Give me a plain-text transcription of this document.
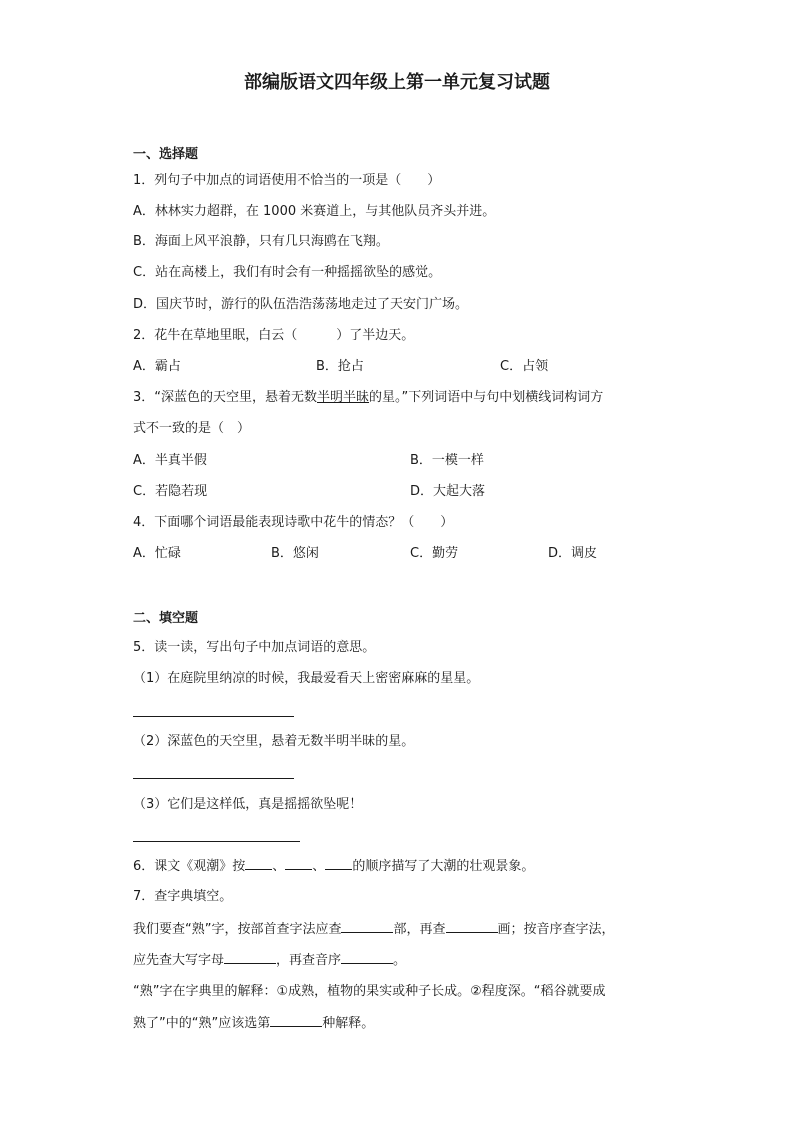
部编版语文四年级上第一单元复习试题
一、选择题
1．列句子中加点的词语使用不恰当的一项是（　　）
A．林林实力超群，在 1000 米赛道上，与其他队员齐头并进。
B．海面上风平浪静，只有几只海鸥在飞翔。
C．站在高楼上，我们有时会有一种摇摇欲坠的感觉。
D．国庆节时，游行的队伍浩浩荡荡地走过了天安门广场。
2．花牛在草地里眠，白云（　　　）了半边天。
A．霸占	B．抢占	C．占领
3．“深蓝色的天空里，悬着无数半明半昧的星。”下列词语中与句中划横线词构词方
式不一致的是（　）
A．半真半假	B．一模一样
C．若隐若现	D．大起大落
4．下面哪个词语最能表现诗歌中花牛的情态？（　　）
A．忙碌	B．悠闲	C．勤劳	D．调皮
二、填空题
5．读一读，写出句子中加点词语的意思。
（1）在庭院里纳凉的时候，我最爱看天上密密麻麻的星星。
（2）深蓝色的天空里，悬着无数半明半昧的星。
（3）它们是这样低，真是摇摇欲坠呢！
6．课文《观潮》按 、 、 的顺序描写了大潮的壮观景象。
7．查字典填空。
我们要查“熟”字，按部首查字法应查	部，再查	画；按音序查字法，
应先查大写字母	，再查音序	。
“熟”字在字典里的解释：①成熟，植物的果实或种子长成。②程度深。“稻谷就要成
熟了”中的“熟”应该选第	种解释。
